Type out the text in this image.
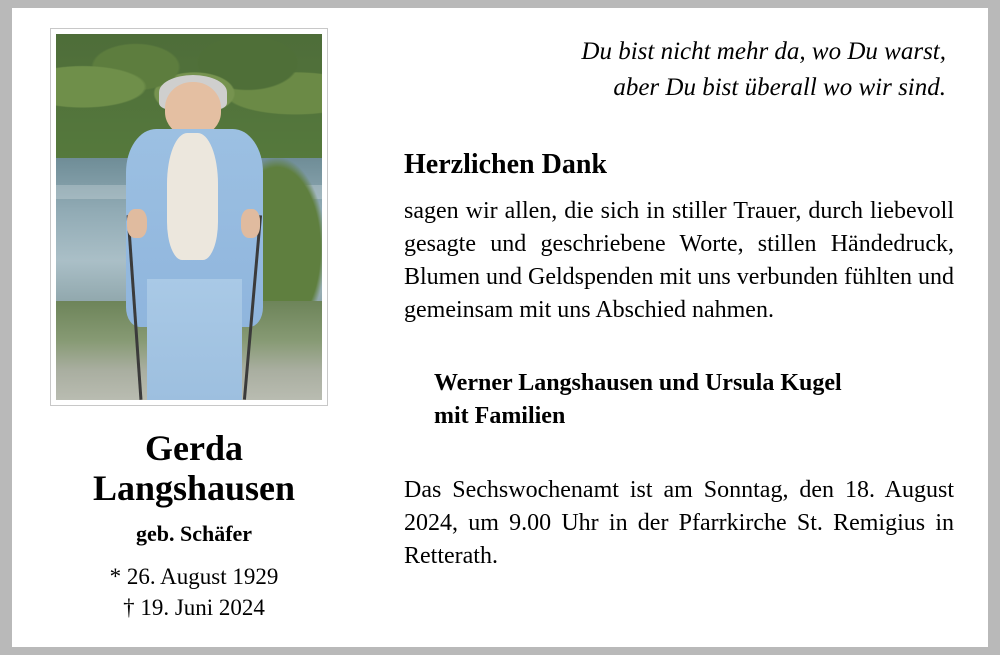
Gerda
Langshausen
geb. Schäfer
* 26. August 1929
† 19. Juni 2024
Du bist nicht mehr da, wo Du warst,
aber Du bist überall wo wir sind.
Herzlichen Dank
sagen wir allen, die sich in stiller Trauer, durch liebevoll gesagte und geschriebene Worte, stillen Händedruck, Blumen und Geldspenden mit uns verbunden fühlten und gemeinsam mit uns Abschied nahmen.
Werner Langshausen und Ursula Kugel
mit Familien
Das Sechswochenamt ist am Sonntag, den 18. August 2024, um 9.00 Uhr in der Pfarrkirche St. Remigius in Retterath.
